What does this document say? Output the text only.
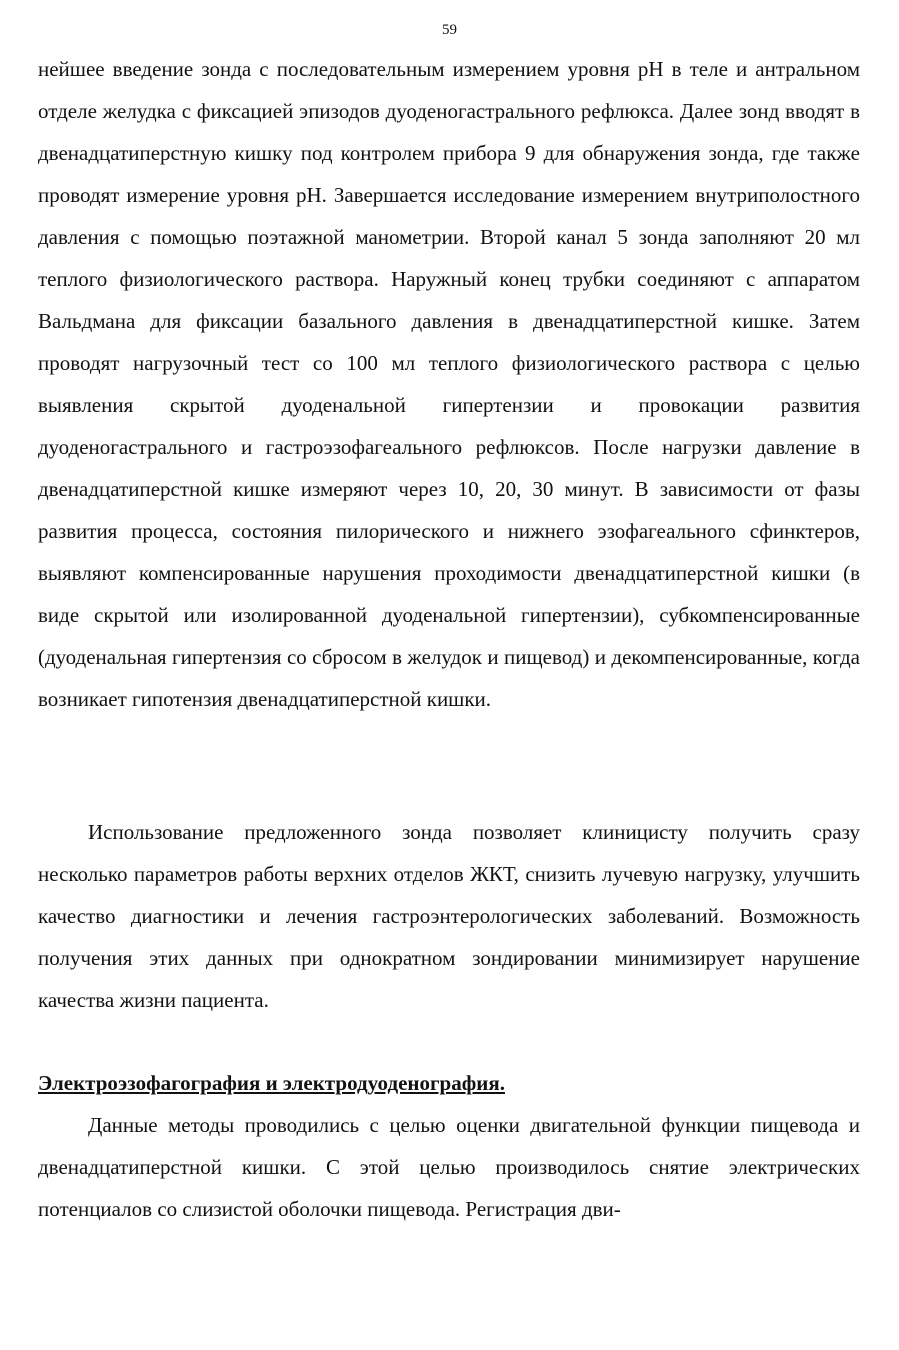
59

нейшее введение зонда с последовательным измерением уровня pH в теле и антральном отделе желудка с фиксацией эпизодов дуоденогастрального рефлюкса. Далее зонд вводят в двенадцатиперстную кишку под контролем прибора 9 для обнаружения зонда, где также проводят измерение уровня pH. Завершается исследование измерением внутриполостного давления с помощью поэтажной манометрии. Второй канал 5 зонда заполняют 20 мл теплого физиологического раствора. Наружный конец трубки соединяют с аппаратом Вальдмана для фиксации базального давления в двенадцатиперстной кишке. Затем проводят нагрузочный тест со 100 мл теплого физиологического раствора с целью выявления скрытой дуоденальной гипертензии и провокации развития дуоденогастрального и гастроэзофагеального рефлюксов. После нагрузки давление в двенадцатиперстной кишке измеряют через 10, 20, 30 минут. В зависимости от фазы развития процесса, состояния пилорического и нижнего эзофагеального сфинктеров, выявляют компенсированные нарушения проходимости двенадцатиперстной кишки (в виде скрытой или изолированной дуоденальной гипертензии), субкомпенсированные (дуоденальная гипертензия со сбросом в желудок и пищевод) и декомпенсированные, когда возникает гипотензия двенадцатиперстной кишки.

Использование предложенного зонда позволяет клиницисту получить сразу несколько параметров работы верхних отделов ЖКТ, снизить лучевую нагрузку, улучшить качество диагностики и лечения гастроэнтерологических заболеваний. Возможность получения этих данных при однократном зондировании минимизирует нарушение качества жизни пациента.

Электроэзофагография и электродуоденография.

Данные методы проводились с целью оценки двигательной функции пищевода и двенадцатиперстной кишки. С этой целью производилось снятие электрических потенциалов со слизистой оболочки пищевода. Регистрация дви-
